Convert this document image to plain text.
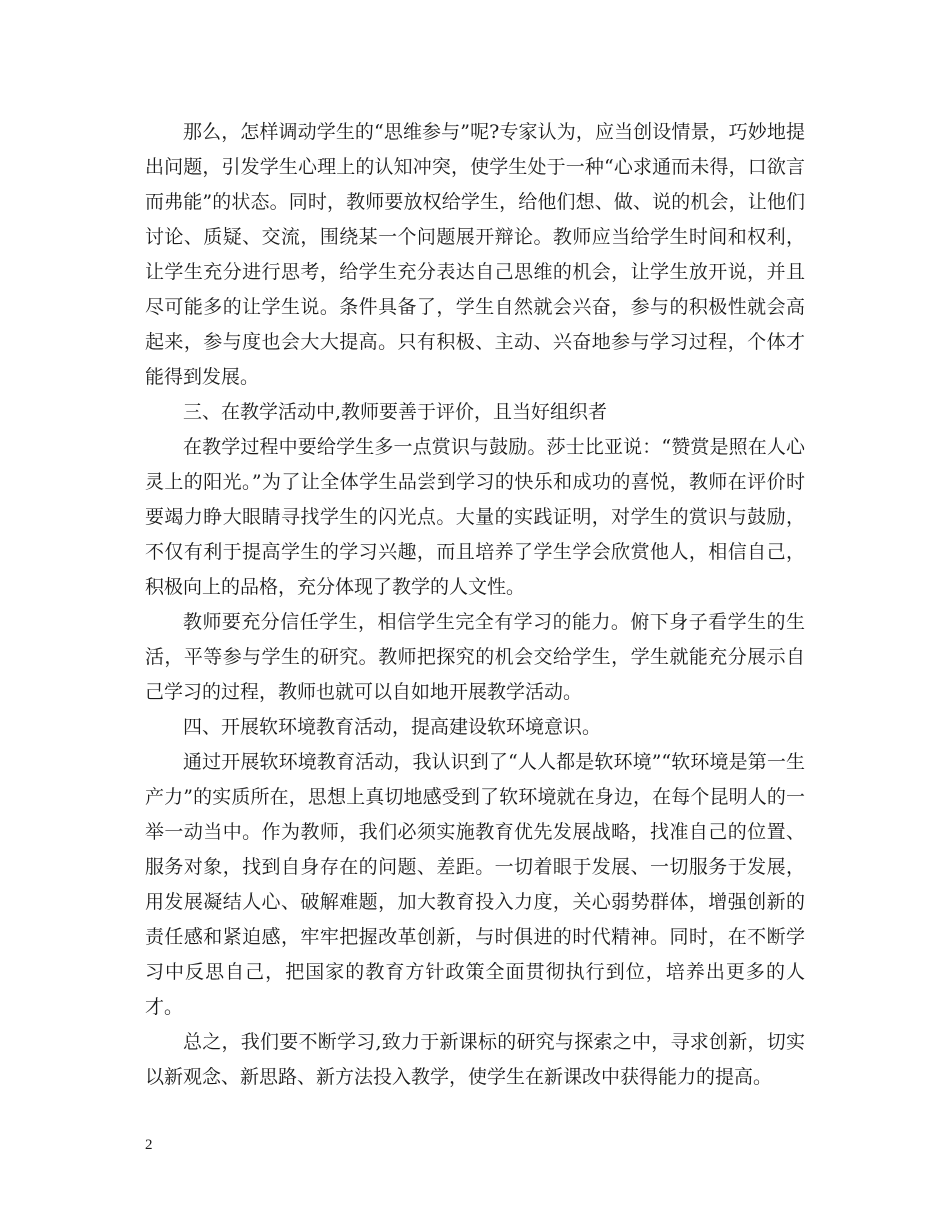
那么，怎样调动学生的“思维参与”呢?专家认为，应当创设情景，巧妙地提出问题，引发学生心理上的认知冲突，使学生处于一种“心求通而未得，口欲言而弗能”的状态。同时，教师要放权给学生，给他们想、做、说的机会，让他们讨论、质疑、交流，围绕某一个问题展开辩论。教师应当给学生时间和权利，让学生充分进行思考，给学生充分表达自己思维的机会，让学生放开说，并且尽可能多的让学生说。条件具备了，学生自然就会兴奋，参与的积极性就会高起来，参与度也会大大提高。只有积极、主动、兴奋地参与学习过程，个体才能得到发展。

三、在教学活动中,教师要善于评价，且当好组织者

在教学过程中要给学生多一点赏识与鼓励。莎士比亚说：“赞赏是照在人心灵上的阳光。”为了让全体学生品尝到学习的快乐和成功的喜悦，教师在评价时要竭力睁大眼睛寻找学生的闪光点。大量的实践证明，对学生的赏识与鼓励，不仅有利于提高学生的学习兴趣，而且培养了学生学会欣赏他人，相信自己，积极向上的品格，充分体现了教学的人文性。

教师要充分信任学生，相信学生完全有学习的能力。俯下身子看学生的生活，平等参与学生的研究。教师把探究的机会交给学生，学生就能充分展示自己学习的过程，教师也就可以自如地开展教学活动。

四、开展软环境教育活动，提高建设软环境意识。

通过开展软环境教育活动，我认识到了“人人都是软环境”“软环境是第一生产力”的实质所在，思想上真切地感受到了软环境就在身边，在每个昆明人的一举一动当中。作为教师，我们必须实施教育优先发展战略，找准自己的位置、服务对象，找到自身存在的问题、差距。一切着眼于发展、一切服务于发展，用发展凝结人心、破解难题，加大教育投入力度，关心弱势群体，增强创新的责任感和紧迫感，牢牢把握改革创新，与时俱进的时代精神。同时，在不断学习中反思自己，把国家的教育方针政策全面贯彻执行到位，培养出更多的人才。

总之，我们要不断学习,致力于新课标的研究与探索之中，寻求创新，切实以新观念、新思路、新方法投入教学，使学生在新课改中获得能力的提高。

2
